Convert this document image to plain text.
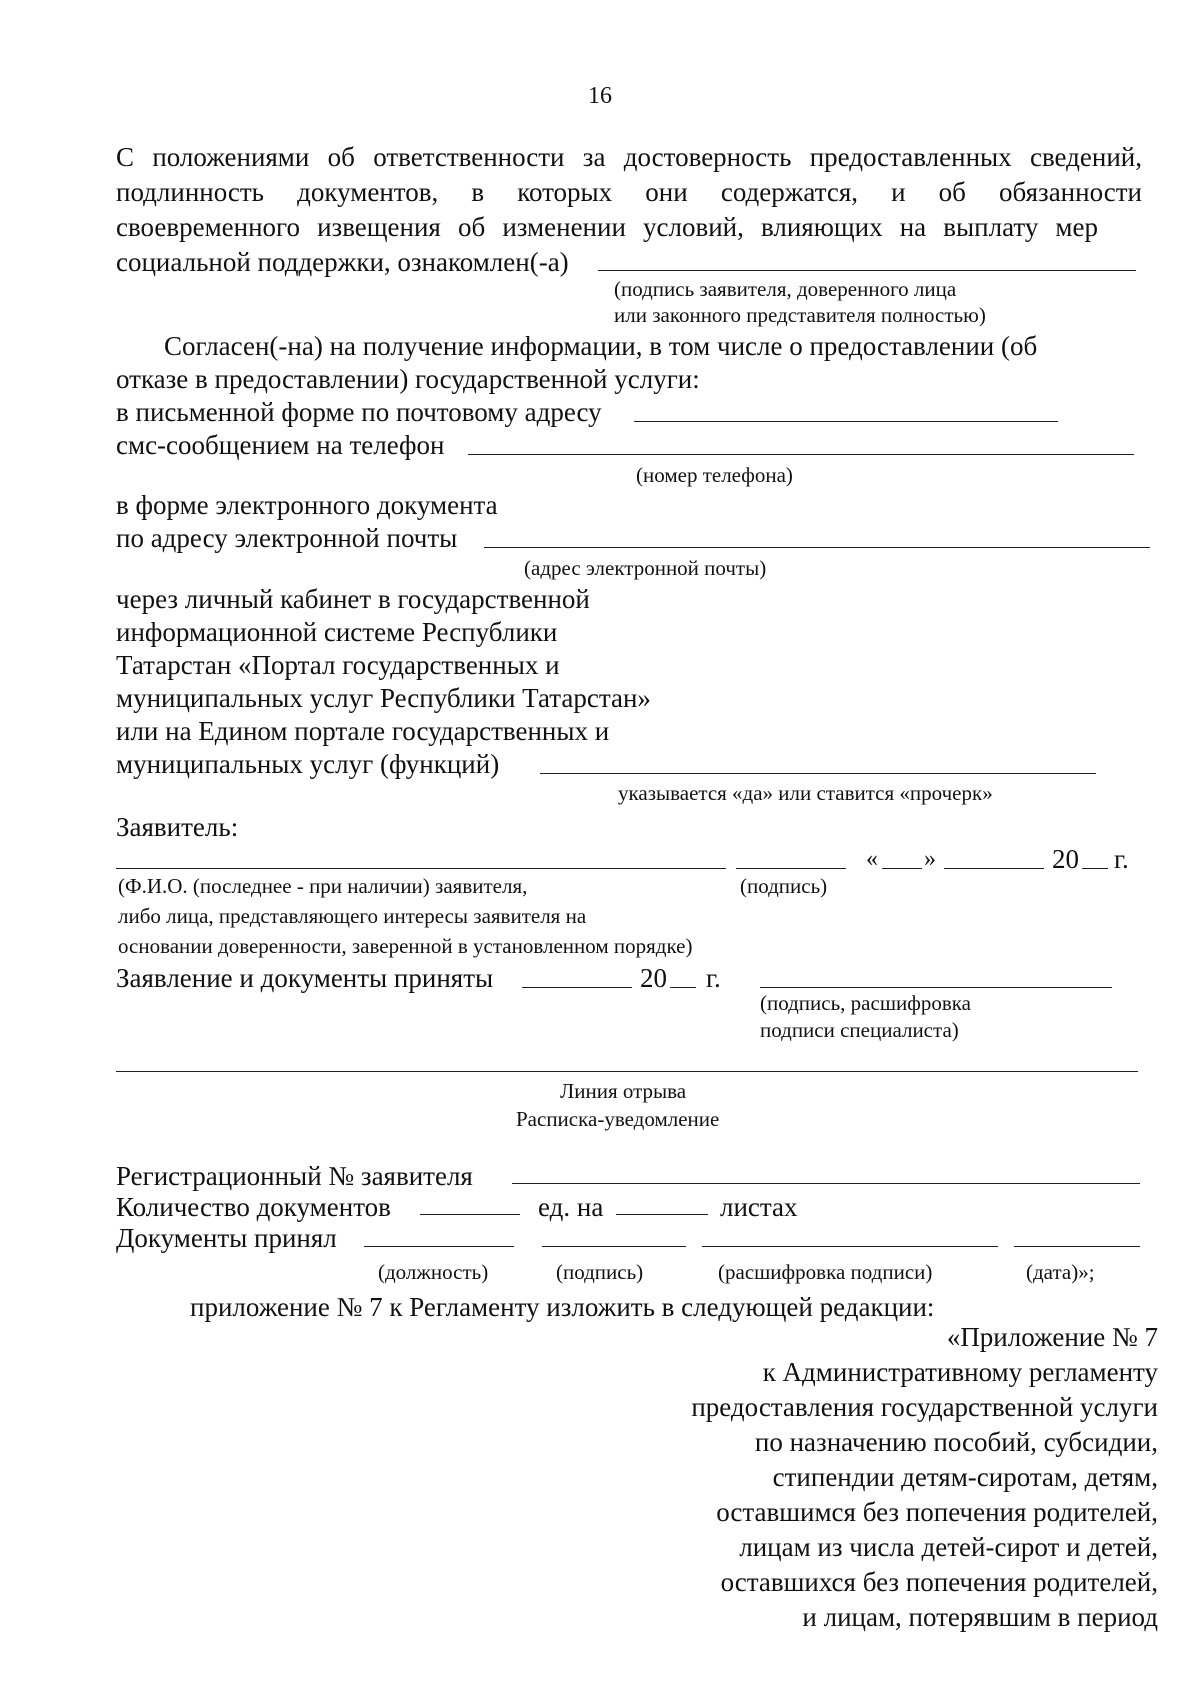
16
С положениями об ответственности за достоверность предоставленных сведений,
подлинность документов, в которых они содержатся, и об обязанности
своевременного извещения об изменении условий, влияющих на выплату мер
социальной поддержки, ознакомлен(-а)
(подпись заявителя, доверенного лица
или законного представителя полностью)
Согласен(-на) на получение информации, в том числе о предоставлении (об
отказе в предоставлении) государственной услуги:
в письменной форме по почтовому адресу
смс-сообщением на телефон
(номер телефона)
в форме электронного документа
по адресу электронной почты
(адрес электронной почты)
через личный кабинет в государственной
информационной системе Республики
Татарстан «Портал государственных и
муниципальных услуг Республики Татарстан»
или на Едином портале государственных и
муниципальных услуг (функций)
указывается «да» или ставится «прочерк»
Заявитель:
« »	20 г.
(Ф.И.О. (последнее - при наличии) заявителя,	(подпись)
либо лица, представляющего интересы заявителя на
основании доверенности, заверенной в установленном порядке)
Заявление и документы приняты	20 г.
(подпись, расшифровка
подписи специалиста)
Линия отрыва
Расписка-уведомление
Регистрационный № заявителя
Количество документов	ед. на	листах
Документы принял
(должность)	(подпись)	(расшифровка подписи)	(дата)»;
приложение № 7 к Регламенту изложить в следующей редакции:
«Приложение № 7
к Административному регламенту
предоставления государственной услуги
по назначению пособий, субсидии,
стипендии детям-сиротам, детям,
оставшимся без попечения родителей,
лицам из числа детей-сирот и детей,
оставшихся без попечения родителей,
и лицам, потерявшим в период
